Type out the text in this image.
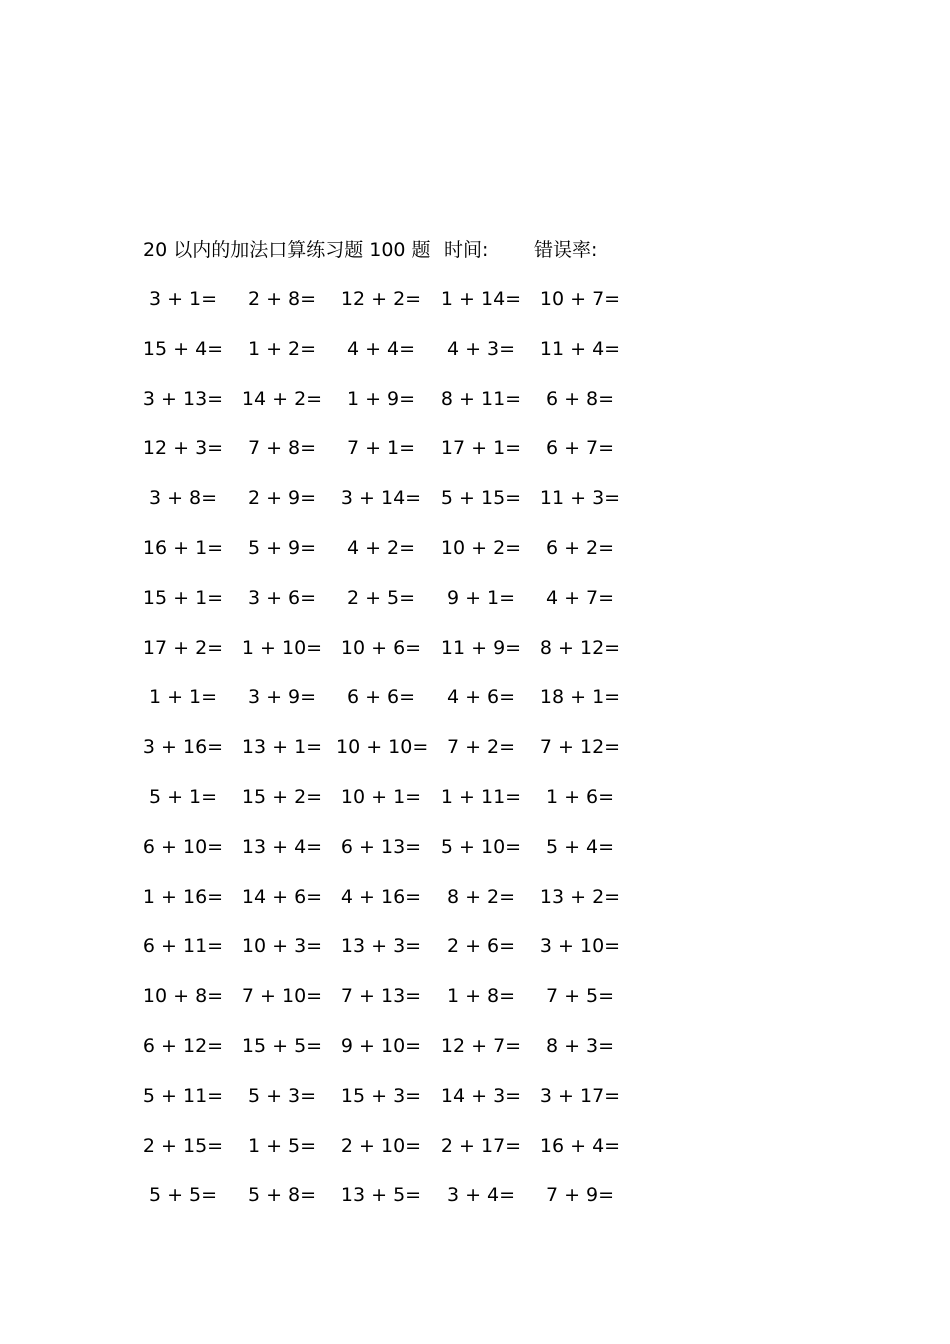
20 以内的加法口算练习题 100 题 时间: 错误率:
3 + 1=	2 + 8=	12 + 2= 1 + 14= 10 + 7=
15 + 4=	1 + 2=	4 + 4=	4 + 3=	11 + 4=
3 + 13= 14 + 2=	1 + 9=	8 + 11=	6 + 8=
12 + 3=	7 + 8=	7 + 1=	17 + 1=	6 + 7=
3 + 8=	2 + 9=	3 + 14= 5 + 15= 11 + 3=
16 + 1=	5 + 9=	4 + 2=	10 + 2=	6 + 2=
15 + 1=	3 + 6=	2 + 5=	9 + 1=	4 + 7=
17 + 2= 1 + 10= 10 + 6= 11 + 9= 8 + 12=
1 + 1=	3 + 9=	6 + 6=	4 + 6=	18 + 1=
3 + 16= 13 + 1= 10 + 10= 7 + 2=	7 + 12=
5 + 1=	15 + 2= 10 + 1= 1 + 11=	1 + 6=
6 + 10= 13 + 4= 6 + 13= 5 + 10=	5 + 4=
1 + 16= 14 + 6= 4 + 16=	8 + 2=	13 + 2=
6 + 11= 10 + 3= 13 + 3=	2 + 6=	3 + 10=
10 + 8= 7 + 10= 7 + 13=	1 + 8=	7 + 5=
6 + 12= 15 + 5= 9 + 10= 12 + 7=	8 + 3=
5 + 11=	5 + 3=	15 + 3= 14 + 3= 3 + 17=
2 + 15=	1 + 5=	2 + 10= 2 + 17= 16 + 4=
5 + 5=	5 + 8=	13 + 5=	3 + 4=	7 + 9=
